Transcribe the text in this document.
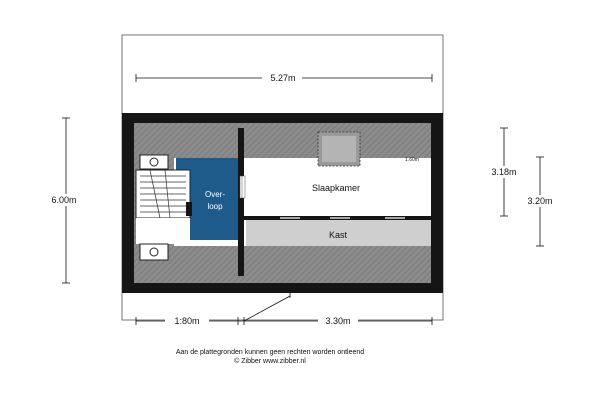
Slaapkamer
Kast
Over-
loop
1.60m
5.27m
6.00m
3.18m
3.20m
1:80m	3.30m
Aan de plattegronden kunnen geen rechten worden ontleend
© Zibber www.zibber.nl
